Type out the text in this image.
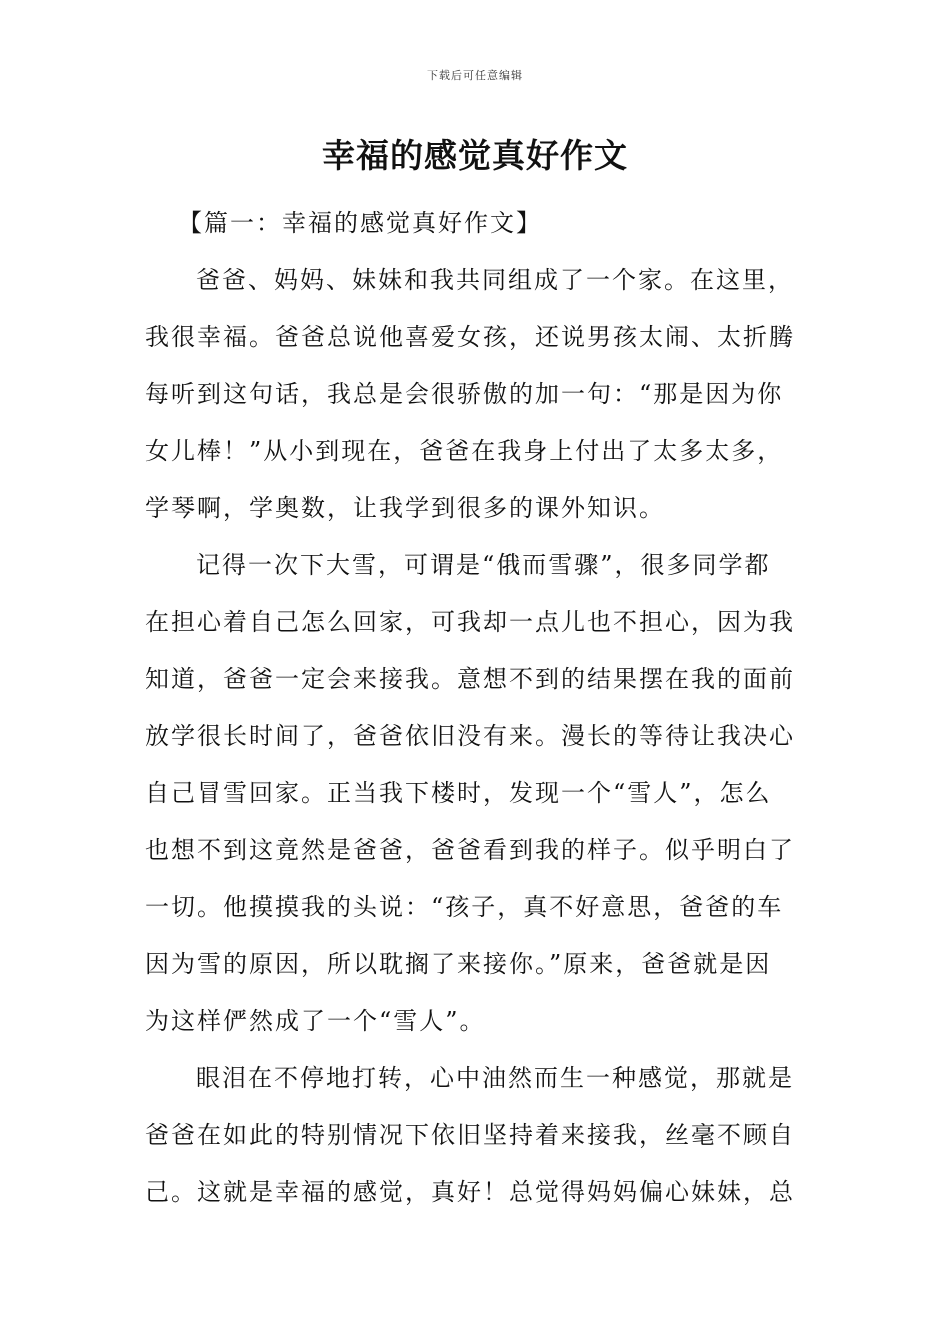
下载后可任意编辑
幸福的感觉真好作文
【篇一：幸福的感觉真好作文】
爸爸、妈妈、妹妹和我共同组成了一个家。在这里，
我很幸福。爸爸总说他喜爱女孩，还说男孩太闹、太折腾
每听到这句话，我总是会很骄傲的加一句：“那是因为你
女儿棒！”从小到现在，爸爸在我身上付出了太多太多，
学琴啊，学奥数，让我学到很多的课外知识。
记得一次下大雪，可谓是“俄而雪骤”，很多同学都
在担心着自己怎么回家，可我却一点儿也不担心，因为我
知道，爸爸一定会来接我。意想不到的结果摆在我的面前
放学很长时间了，爸爸依旧没有来。漫长的等待让我决心
自己冒雪回家。正当我下楼时，发现一个“雪人”，怎么
也想不到这竟然是爸爸，爸爸看到我的样子。似乎明白了
一切。他摸摸我的头说：“孩子，真不好意思，爸爸的车
因为雪的原因，所以耽搁了来接你。”原来，爸爸就是因
为这样俨然成了一个“雪人”。
眼泪在不停地打转，心中油然而生一种感觉，那就是
爸爸在如此的特别情况下依旧坚持着来接我，丝毫不顾自
己。这就是幸福的感觉，真好！总觉得妈妈偏心妹妹，总
